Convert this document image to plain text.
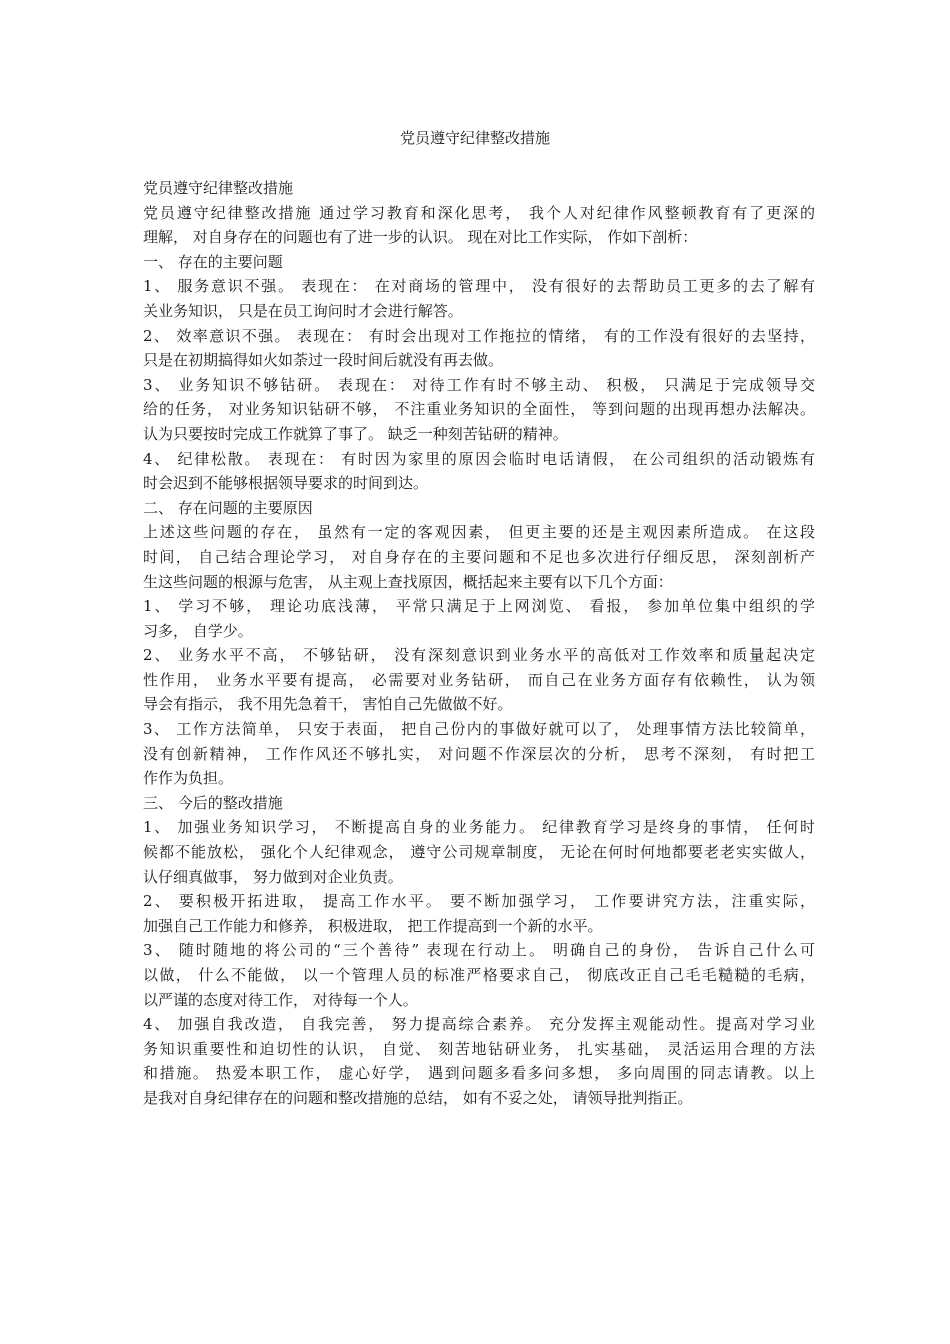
党员遵守纪律整改措施
党员遵守纪律整改措施
党员遵守纪律整改措施 通过学习教育和深化思考， 我个人对纪律作风整顿教育有了更深的
理解， 对自身存在的问题也有了进一步的认识。 现在对比工作实际， 作如下剖析：
一、 存在的主要问题
1、 服务意识不强。 表现在： 在对商场的管理中， 没有很好的去帮助员工更多的去了解有
关业务知识， 只是在员工询问时才会进行解答。
2、 效率意识不强。 表现在： 有时会出现对工作拖拉的情绪， 有的工作没有很好的去坚持，
只是在初期搞得如火如荼过一段时间后就没有再去做。
3、 业务知识不够钻研。 表现在： 对待工作有时不够主动、 积极， 只满足于完成领导交
给的任务， 对业务知识钻研不够， 不注重业务知识的全面性， 等到问题的出现再想办法解决。
认为只要按时完成工作就算了事了。 缺乏一种刻苦钻研的精神。
4、 纪律松散。 表现在： 有时因为家里的原因会临时电话请假， 在公司组织的活动锻炼有
时会迟到不能够根据领导要求的时间到达。
二、 存在问题的主要原因
上述这些问题的存在， 虽然有一定的客观因素， 但更主要的还是主观因素所造成。 在这段
时间， 自己结合理论学习， 对自身存在的主要问题和不足也多次进行仔细反思， 深刻剖析产
生这些问题的根源与危害， 从主观上查找原因，概括起来主要有以下几个方面：
1、 学习不够， 理论功底浅薄， 平常只满足于上网浏览、 看报， 参加单位集中组织的学
习多， 自学少。
2、 业务水平不高， 不够钻研， 没有深刻意识到业务水平的高低对工作效率和质量起决定
性作用， 业务水平要有提高， 必需要对业务钻研， 而自己在业务方面存有依赖性， 认为领
导会有指示， 我不用先急着干， 害怕自己先做做不好。
3、 工作方法简单， 只安于表面， 把自己份内的事做好就可以了， 处理事情方法比较简单，
没有创新精神， 工作作风还不够扎实， 对问题不作深层次的分析， 思考不深刻， 有时把工
作作为负担。
三、 今后的整改措施
1、 加强业务知识学习， 不断提高自身的业务能力。 纪律教育学习是终身的事情， 任何时
候都不能放松， 强化个人纪律观念， 遵守公司规章制度， 无论在何时何地都要老老实实做人，
认仔细真做事， 努力做到对企业负责。
2、 要积极开拓进取， 提高工作水平。 要不断加强学习， 工作要讲究方法，注重实际，
加强自己工作能力和修养， 积极进取， 把工作提高到一个新的水平。
3、 随时随地的将公司的“三个善待” 表现在行动上。 明确自己的身份， 告诉自己什么可
以做， 什么不能做， 以一个管理人员的标准严格要求自己， 彻底改正自己毛毛糙糙的毛病，
以严谨的态度对待工作， 对待每一个人。
4、 加强自我改造， 自我完善， 努力提高综合素养。 充分发挥主观能动性。提高对学习业
务知识重要性和迫切性的认识， 自觉、 刻苦地钻研业务， 扎实基础， 灵活运用合理的方法
和措施。 热爱本职工作， 虚心好学， 遇到问题多看多问多想， 多向周围的同志请教。以上
是我对自身纪律存在的问题和整改措施的总结， 如有不妥之处， 请领导批判指正。
